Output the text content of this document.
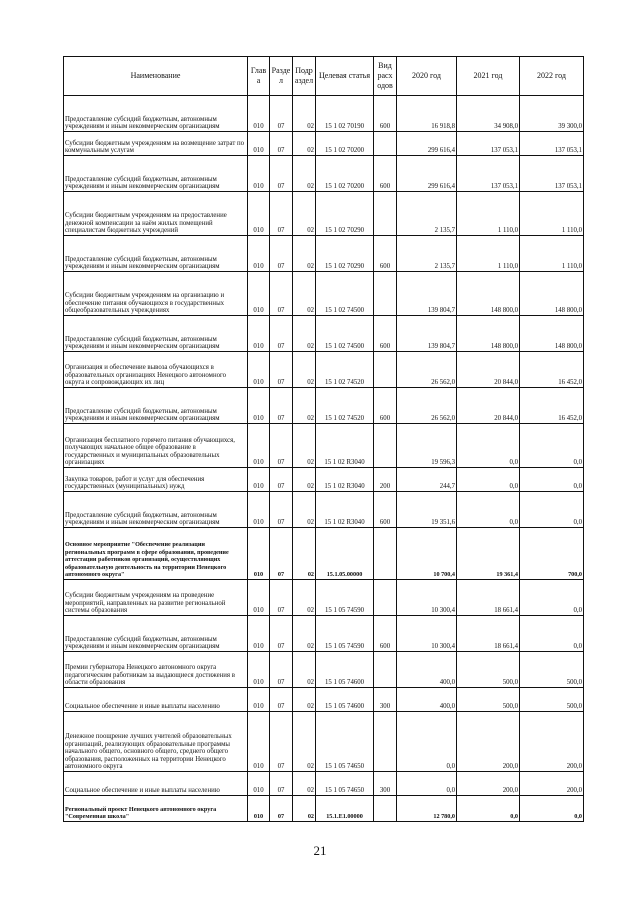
Наименование	Глав а	Разде л	Подр аздел	Целевая статья	Вид расх одов	2020 год	2021 год	2022 год
Предоставление субсидий бюджетным, автономным учреждениям и иным некоммерческим организациям	010	07	02	15 1 02 70190	600	16 918,8	34 908,0	39 300,0
Субсидии бюджетным учреждениям на возмещение затрат по коммунальным услугам	010	07	02	15 1 02 70200		299 616,4	137 053,1	137 053,1
Предоставление субсидий бюджетным, автономным учреждениям и иным некоммерческим организациям	010	07	02	15 1 02 70200	600	299 616,4	137 053,1	137 053,1
Субсидии бюджетным учреждениям на предоставление денежной компенсации за наём жилых помещений специалистам бюджетных учреждений	010	07	02	15 1 02 70290		2 135,7	1 110,0	1 110,0
Предоставление субсидий бюджетным, автономным учреждениям и иным некоммерческим организациям	010	07	02	15 1 02 70290	600	2 135,7	1 110,0	1 110,0
Субсидии бюджетным учреждениям на организацию и обеспечение питания обучающихся в государственных общеобразовательных учреждениях	010	07	02	15 1 02 74500		139 804,7	148 800,0	148 800,0
Предоставление субсидий бюджетным, автономным учреждениям и иным некоммерческим организациям	010	07	02	15 1 02 74500	600	139 804,7	148 800,0	148 800,0
Организация и обеспечение вывоза обучающихся в образовательных организациях Ненецкого автономного округа и сопровождающих их лиц	010	07	02	15 1 02 74520		26 562,0	20 844,0	16 452,0
Предоставление субсидий бюджетным, автономным учреждениям и иным некоммерческим организациям	010	07	02	15 1 02 74520	600	26 562,0	20 844,0	16 452,0
Организация бесплатного горячего питания обучающихся, получающих начальное общее образование в государственных и муниципальных образовательных организациях	010	07	02	15 1 02 R3040		19 596,3	0,0	0,0
Закупка товаров, работ и услуг для обеспечения государственных (муниципальных) нужд	010	07	02	15 1 02 R3040	200	244,7	0,0	0,0
Предоставление субсидий бюджетным, автономным учреждениям и иным некоммерческим организациям	010	07	02	15 1 02 R3040	600	19 351,6	0,0	0,0
Основное мероприятие "Обеспечение реализации региональных программ в сфере образования, проведение аттестации работников организаций, осуществляющих образовательную деятельность на территории Ненецкого автономного округа"	010	07	02	15.1.05.00000		10 700,4	19 361,4	700,0
Субсидии бюджетным учреждениям на проведение мероприятий, направленных на развитие региональной системы образования	010	07	02	15 1 05 74590		10 300,4	18 661,4	0,0
Предоставление субсидий бюджетным, автономным учреждениям и иным некоммерческим организациям	010	07	02	15 1 05 74590	600	10 300,4	18 661,4	0,0
Премии губернатора Ненецкого автономного округа педагогическим работникам за выдающиеся достижения в области образования	010	07	02	15 1 05 74600		400,0	500,0	500,0
Социальное обеспечение и иные выплаты населению	010	07	02	15 1 05 74600	300	400,0	500,0	500,0
Денежное поощрение лучших учителей образовательных организаций, реализующих образовательные программы начального общего, основного общего, среднего общего образования, расположенных на территории Ненецкого автономного округа	010	07	02	15 1 05 74650		0,0	200,0	200,0
Социальное обеспечение и иные выплаты населению	010	07	02	15 1 05 74650	300	0,0	200,0	200,0
Региональный проект Ненецкого автономного округа "Современная школа"	010	07	02	15.1.E1.00000		12 780,0	0,0	0,0
21
